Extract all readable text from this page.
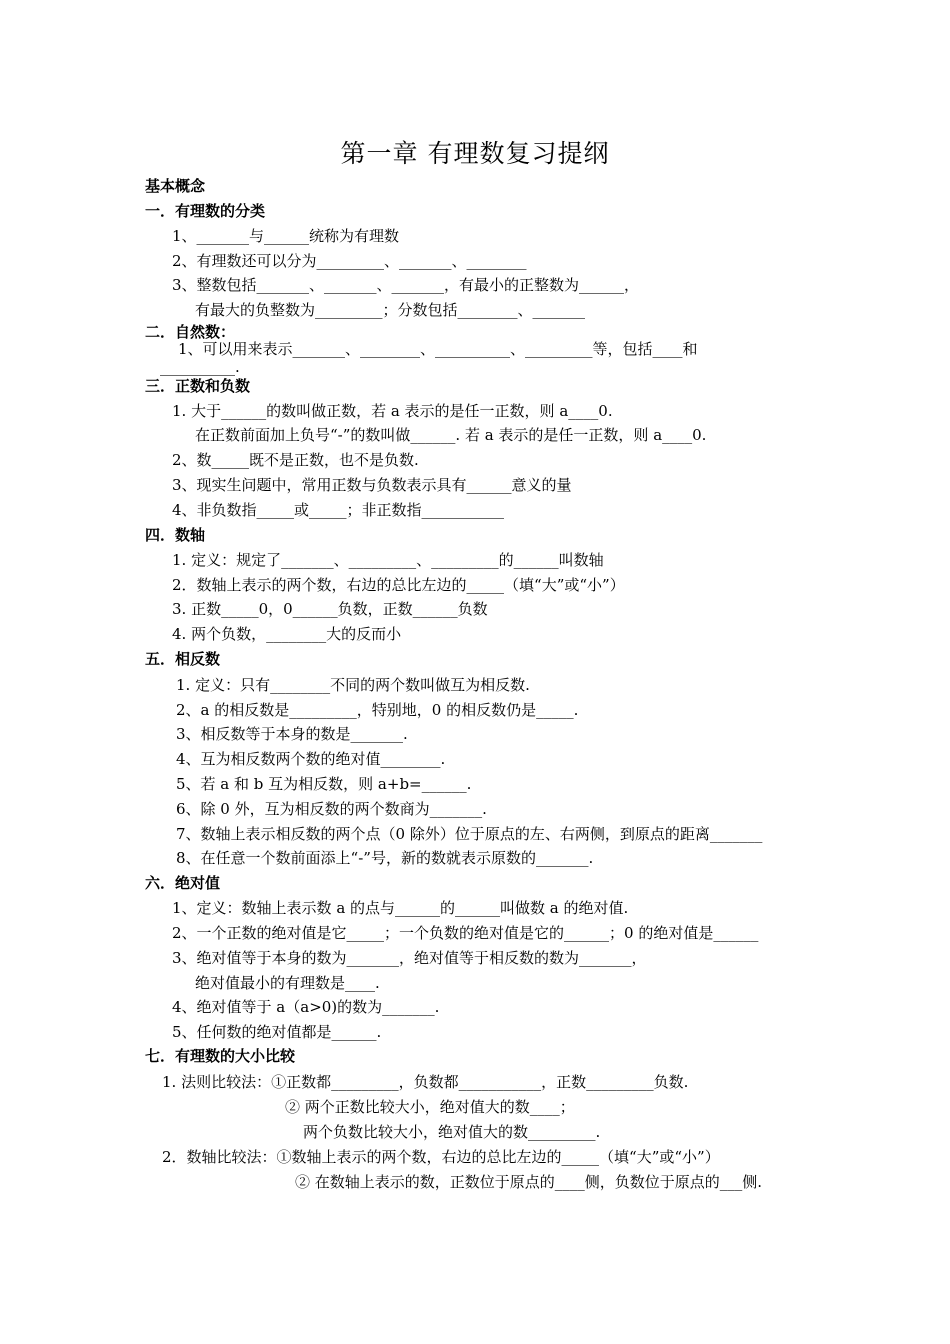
第一章 有理数复习提纲
基本概念
一．有理数的分类
1、_______与______统称为有理数
2、有理数还可以分为_________、_______、________
3、整数包括_______、_______、_______，有最小的正整数为______，
有最大的负整数为_________；分数包括________、_______
二．自然数：
1、可以用来表示_______、________、__________、_________等，包括____和
__________.
三．正数和负数
1. 大于______的数叫做正数，若 a 表示的是任一正数，则 a____0.
在正数前面加上负号“-”的数叫做______. 若 a 表示的是任一正数，则 a____0.
2、数_____既不是正数，也不是负数.
3、现实生问题中，常用正数与负数表示具有______意义的量
4、非负数指_____或_____；非正数指___________
四．数轴
1. 定义：规定了_______、_________、_________的______叫数轴
2．数轴上表示的两个数，右边的总比左边的_____（填“大”或“小”）
3. 正数_____0，0______负数，正数______负数
4. 两个负数，________大的反而小
五．相反数
1. 定义：只有________不同的两个数叫做互为相反数.
2、a 的相反数是_________，特别地，0 的相反数仍是_____.
3、相反数等于本身的数是_______.
4、互为相反数两个数的绝对值________.
5、若 a 和 b 互为相反数，则 a+b=______.
6、除 0 外，互为相反数的两个数商为_______.
7、数轴上表示相反数的两个点（0 除外）位于原点的左、右两侧，到原点的距离_______
8、在任意一个数前面添上“-”号，新的数就表示原数的_______.
六．绝对值
1、定义：数轴上表示数 a 的点与______的______叫做数 a 的绝对值.
2、一个正数的绝对值是它_____；一个负数的绝对值是它的______；0 的绝对值是______
3、绝对值等于本身的数为_______，绝对值等于相反数的数为_______，
绝对值最小的有理数是____.
4、绝对值等于 a（a>0)的数为_______.
5、任何数的绝对值都是______.
七．有理数的大小比较
1. 法则比较法：①正数都_________，负数都___________，正数_________负数.
② 两个正数比较大小，绝对值大的数____；
两个负数比较大小，绝对值大的数_________.
2．数轴比较法：①数轴上表示的两个数，右边的总比左边的_____（填“大”或“小”）
② 在数轴上表示的数，正数位于原点的____侧，负数位于原点的___侧.
